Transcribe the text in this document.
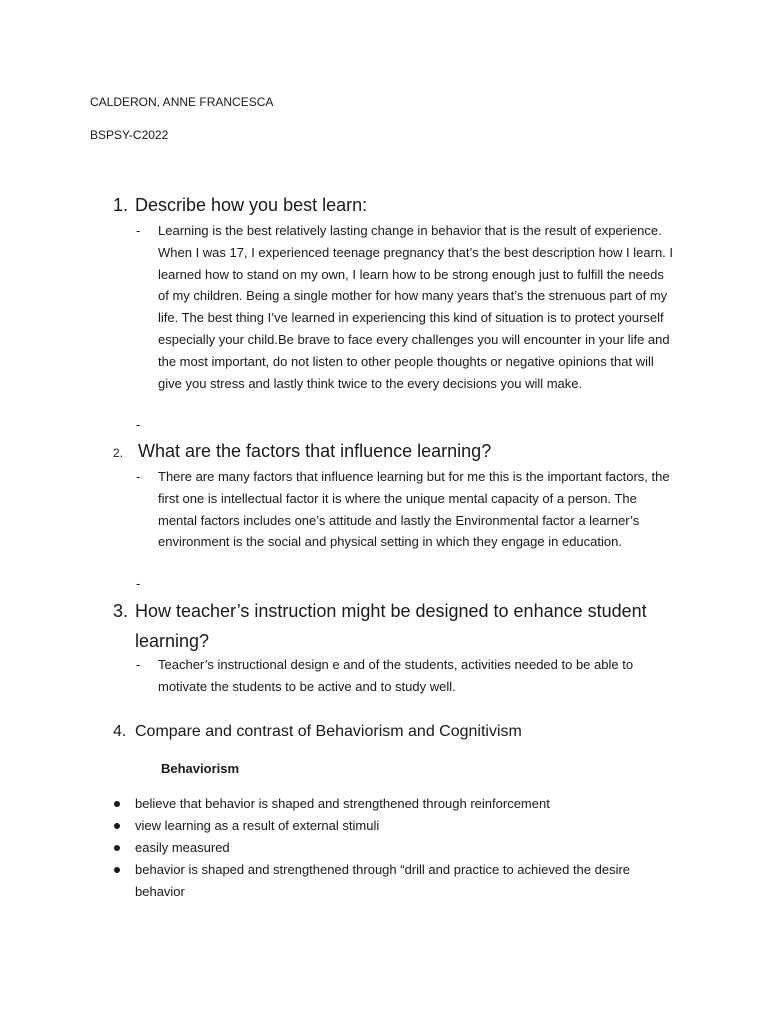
CALDERON, ANNE FRANCESCA
BSPSY-C2022
1. Describe how you best learn:
- Learning is the best relatively lasting change in behavior that is the result of experience. When I was 17, I experienced teenage pregnancy that’s the best description how I learn. I learned how to stand on my own, I learn how to be strong enough just to fulfill the needs of my children. Being a single mother for how many years that’s the strenuous part of my life. The best thing I’ve learned in experiencing this kind of situation is to protect yourself especially your child.Be brave to face every challenges you will encounter in your life and the most important, do not listen to other people thoughts or negative opinions that will give you stress and lastly think twice to the every decisions you will make.
-
2. What are the factors that influence learning?
- There are many factors that influence learning but for me this is the important factors, the first one is intellectual factor it is where the unique mental capacity of a person. The mental factors includes one’s attitude and lastly the Environmental factor a learner’s environment is the social and physical setting in which they engage in education.
-
3. How teacher’s instruction might be designed to enhance student learning?
- Teacher’s instructional design e and of the students, activities needed to be able to motivate the students to be active and to study well.
4. Compare and contrast of Behaviorism and Cognitivism
Behaviorism
believe that behavior is shaped and strengthened through reinforcement
view learning as a result of external stimuli
easily measured
behavior is shaped and strengthened through “drill and practice to achieved the desire behavior
